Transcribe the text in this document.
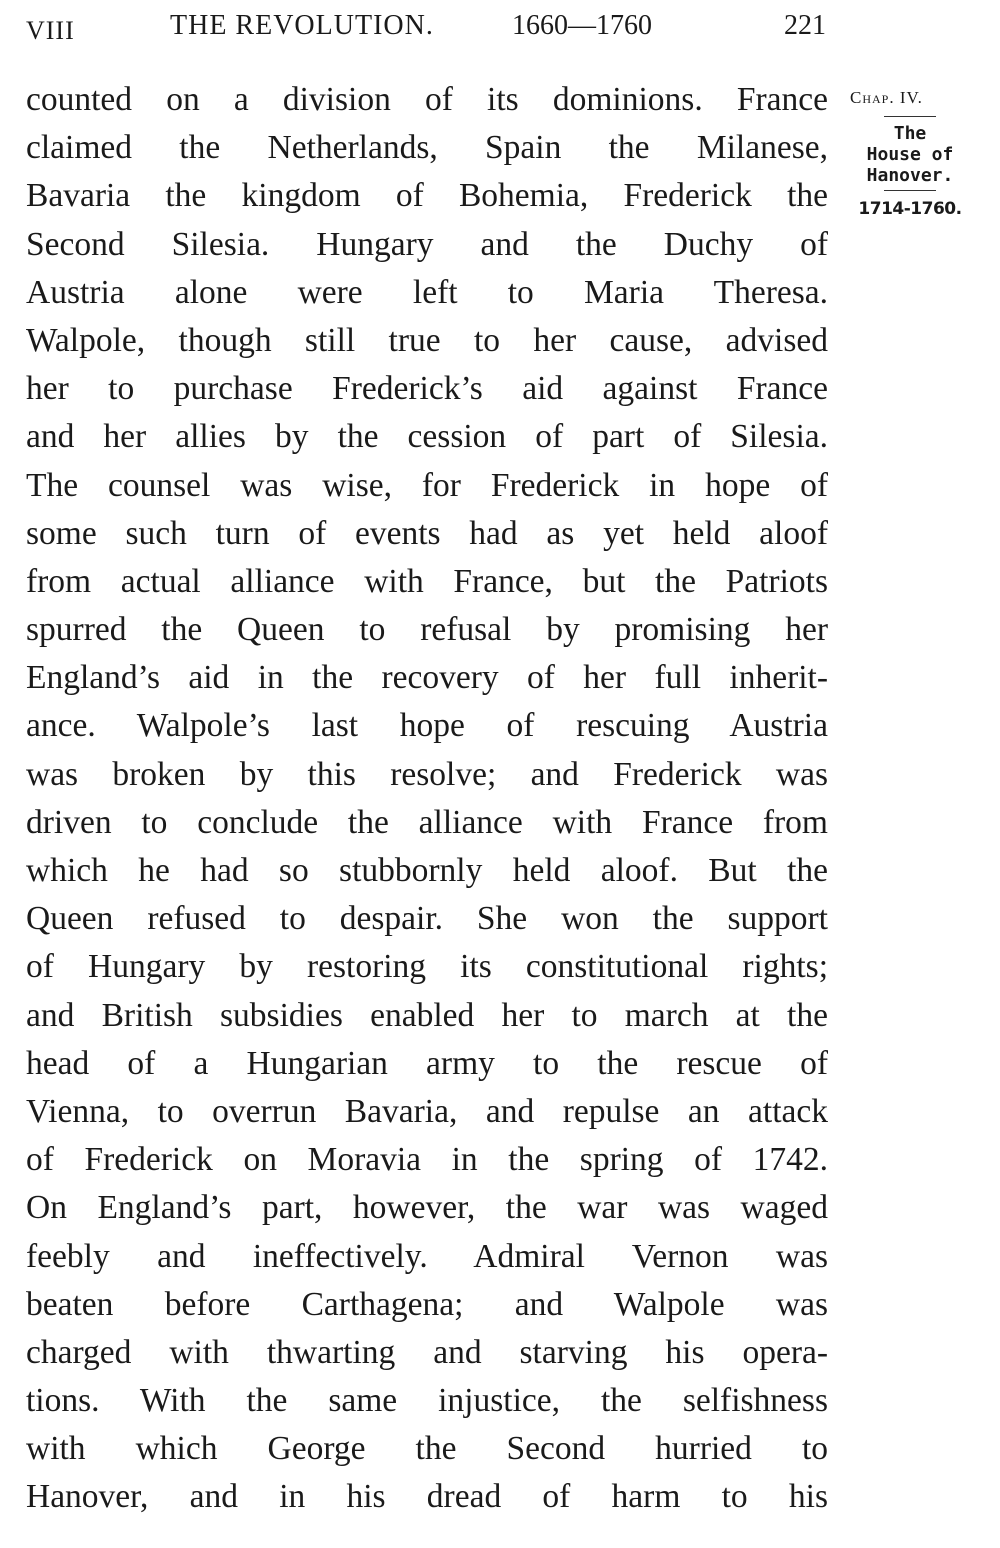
VIII	THE REVOLUTION.	1660—1760	221
counted on a division of its dominions. France
claimed the Netherlands, Spain the Milanese,
Bavaria the kingdom of Bohemia, Frederick the
Second Silesia. Hungary and the Duchy of
Austria alone were left to Maria Theresa.
Walpole, though still true to her cause, advised
her to purchase Frederick’s aid against France
and her allies by the cession of part of Silesia.
The counsel was wise, for Frederick in hope of
some such turn of events had as yet held aloof
from actual alliance with France, but the Patriots
spurred the Queen to refusal by promising her
England’s aid in the recovery of her full inherit-
ance. Walpole’s last hope of rescuing Austria
was broken by this resolve; and Frederick was
driven to conclude the alliance with France from
which he had so stubbornly held aloof. But the
Queen refused to despair. She won the support
of Hungary by restoring its constitutional rights;
and British subsidies enabled her to march at the
head of a Hungarian army to the rescue of
Vienna, to overrun Bavaria, and repulse an attack
of Frederick on Moravia in the spring of 1742.
On England’s part, however, the war was waged
feebly and ineffectively. Admiral Vernon was
beaten before Carthagena; and Walpole was
charged with thwarting and starving his opera-
tions. With the same injustice, the selfishness
with which George the Second hurried to
Hanover, and in his dread of harm to his
Chap. IV.
The
House of
Hanover.
1714-1760.
